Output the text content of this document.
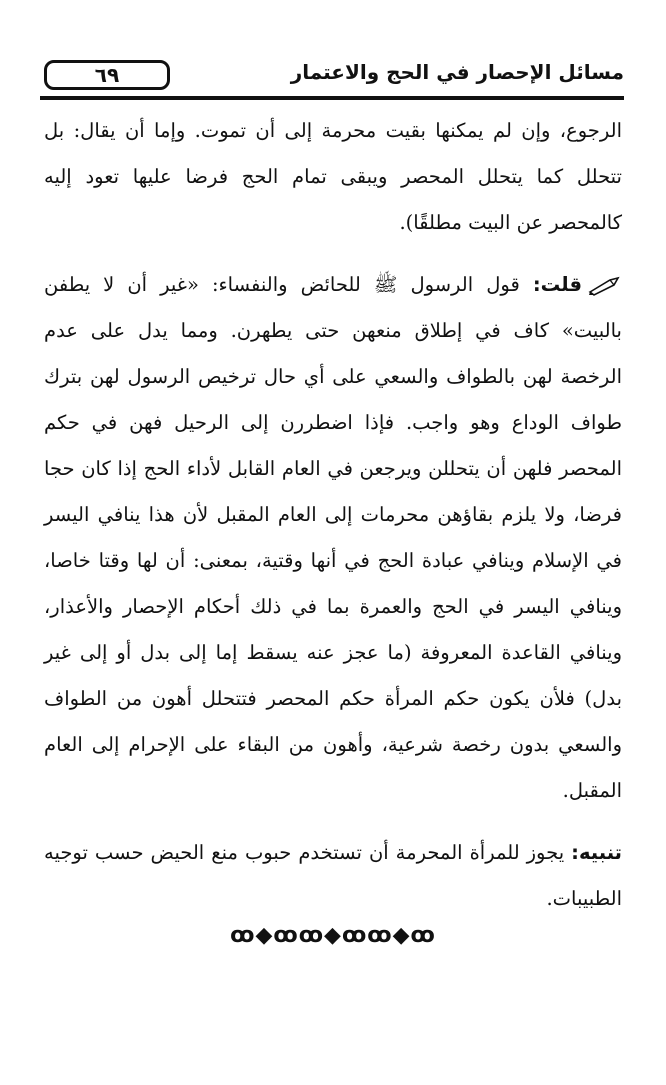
٦٩	مسائل الإحصار في الحج والاعتمار

الرجوع، وإن لم يمكنها بقيت محرمة إلى أن تموت. وإما أن يقال: بل تتحلل كما يتحلل المحصر ويبقى تمام الحج فرضا عليها تعود إليه كالمحصر عن البيت مطلقًا).

قلت: قول الرسول ﷺ للحائض والنفساء: «غير أن لا يطفن بالبيت» كاف في إطلاق منعهن حتى يطهرن. ومما يدل على عدم الرخصة لهن بالطواف والسعي على أي حال ترخيص الرسول لهن بترك طواف الوداع وهو واجب. فإذا اضطررن إلى الرحيل فهن في حكم المحصر فلهن أن يتحللن ويرجعن في العام القابل لأداء الحج إذا كان حجا فرضا، ولا يلزم بقاؤهن محرمات إلى العام المقبل لأن هذا ينافي اليسر في الإسلام وينافي عبادة الحج في أنها وقتية، بمعنى: أن لها وقتا خاصا، وينافي اليسر في الحج والعمرة بما في ذلك أحكام الإحصار والأعذار، وينافي القاعدة المعروفة (ما عجز عنه يسقط إما إلى بدل أو إلى غير بدل) فلأن يكون حكم المرأة حكم المحصر فتتحلل أهون من الطواف والسعي بدون رخصة شرعية، وأهون من البقاء على الإحرام إلى العام المقبل.

تنبيه: يجوز للمرأة المحرمة أن تستخدم حبوب منع الحيض حسب توجيه الطبيبات.

ꝏ◆ꝏꝏ◆ꝏꝏ◆ꝏ
